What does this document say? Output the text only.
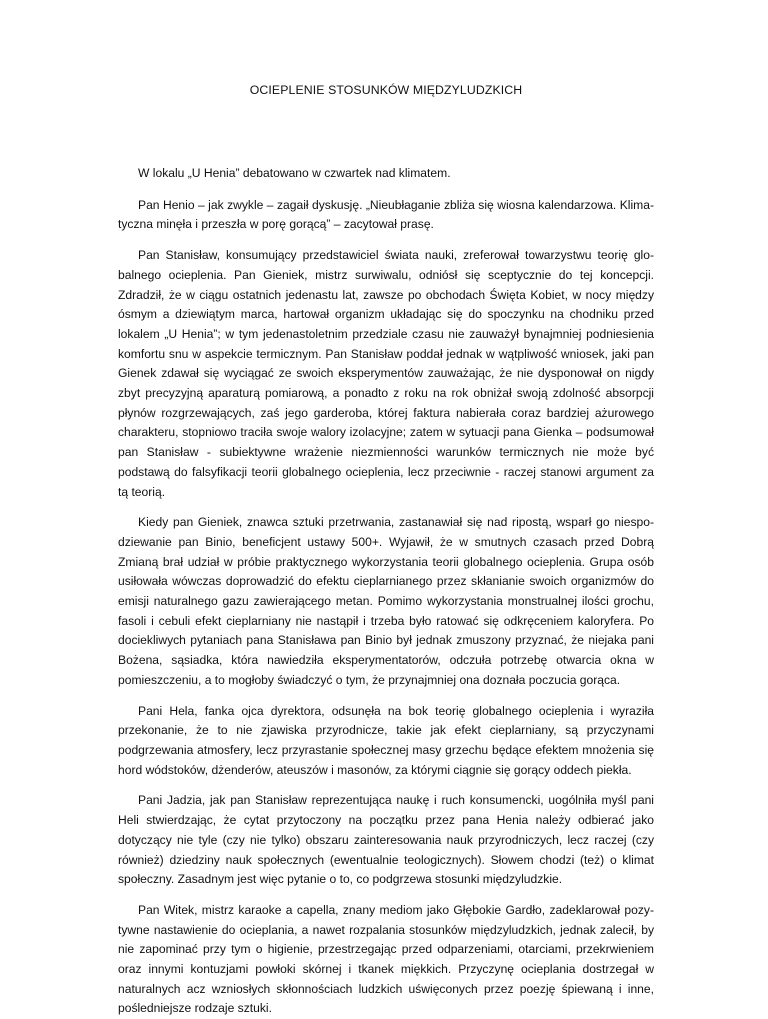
OCIEPLENIE STOSUNKÓW MIĘDZYLUDZKICH

W lokalu „U Henia” debatowano w czwartek nad klimatem.

Pan Henio – jak zwykle – zagaił dyskusję. „Nieubłaganie zbliża się wiosna kalendarzowa. Klimatyczna minęła i przeszła w porę gorącą” – zacytował prasę.

Pan Stanisław, konsumujący przedstawiciel świata nauki, zreferował towarzystwu teorię globalnego ocieplenia. Pan Gieniek, mistrz surwiwalu, odniósł się sceptycznie do tej koncepcji. Zdradził, że w ciągu ostatnich jedenastu lat, zawsze po obchodach Święta Kobiet, w nocy między ósmym a dziewiątym marca, hartował organizm układając się do spoczynku na chodniku przed lokalem „U Henia”; w tym jedenastoletnim przedziale czasu nie zauważył bynajmniej podniesienia komfortu snu w aspekcie termicznym. Pan Stanisław poddał jednak w wątpliwość wniosek, jaki pan Gienek zdawał się wyciągać ze swoich eksperymentów zauważając, że nie dysponował on nigdy zbyt precyzyjną aparaturą pomiarową, a ponadto z roku na rok obniżał swoją zdolność absorpcji płynów rozgrzewających, zaś jego garderoba, której faktura nabierała coraz bardziej ażurowego charakteru, stopniowo traciła swoje walory izolacyjne; zatem w sytuacji pana Gienka – podsumował pan Stanisław - subiektywne wrażenie niezmienności warunków termicznych nie może być podstawą do falsyfikacji teorii globalnego ocieplenia, lecz przeciwnie - raczej stanowi argument za tą teorią.

Kiedy pan Gieniek, znawca sztuki przetrwania, zastanawiał się nad ripostą, wsparł go niespodziewanie pan Binio, beneficjent ustawy 500+. Wyjawił, że w smutnych czasach przed Dobrą Zmianą brał udział w próbie praktycznego wykorzystania teorii globalnego ocieplenia. Grupa osób usiłowała wówczas doprowadzić do efektu cieplarnianego przez skłanianie swoich organizmów do emisji naturalnego gazu zawierającego metan. Pomimo wykorzystania monstrualnej ilości grochu, fasoli i cebuli efekt cieplarniany nie nastąpił i trzeba było ratować się odkręceniem kaloryfera. Po dociekliwych pytaniach pana Stanisława pan Binio był jednak zmuszony przyznać, że niejaka pani Bożena, sąsiadka, która nawiedziła eksperymentatorów, odczuła potrzebę otwarcia okna w pomieszczeniu, a to mogłoby świadczyć o tym, że przynajmniej ona doznała poczucia gorąca.

Pani Hela, fanka ojca dyrektora, odsunęła na bok teorię globalnego ocieplenia i wyraziła przekonanie, że to nie zjawiska przyrodnicze, takie jak efekt cieplarniany, są przyczynami podgrzewania atmosfery, lecz przyrastanie społecznej masy grzechu będące efektem mnożenia się hord wódstoków, dżenderów, ateuszów i masonów, za którymi ciągnie się gorący oddech piekła.

Pani Jadzia, jak pan Stanisław reprezentująca naukę i ruch konsumencki, uogólniła myśl pani Heli stwierdzając, że cytat przytoczony na początku przez pana Henia należy odbierać jako dotyczący nie tyle (czy nie tylko) obszaru zainteresowania nauk przyrodniczych, lecz raczej (czy również) dziedziny nauk społecznych (ewentualnie teologicznych). Słowem chodzi (też) o klimat społeczny. Zasadnym jest więc pytanie o to, co podgrzewa stosunki międzyludzkie.

Pan Witek, mistrz karaoke a capella, znany mediom jako Głębokie Gardło, zadeklarował pozytywne nastawienie do ocieplania, a nawet rozpalania stosunków międzyludzkich, jednak zalecił, by nie zapominać przy tym o higienie, przestrzegając przed odparzeniami, otarciami, przekrwieniem oraz innymi kontuzjami powłoki skórnej i tkanek miękkich. Przyczynę ocieplania dostrzegał w naturalnych acz wzniosłych skłonnościach ludzkich uświęconych przez poezję śpiewaną i inne, pośledniejsze rodzaje sztuki.
